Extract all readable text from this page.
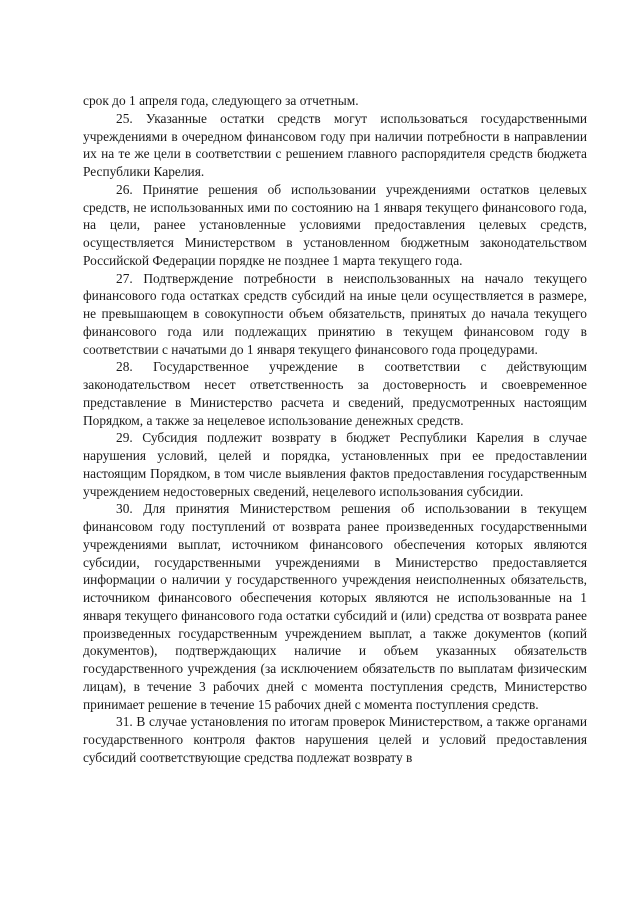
срок до 1 апреля года, следующего за отчетным.

25. Указанные остатки средств могут использоваться государственными учреждениями в очередном финансовом году при наличии потребности в направлении их на те же цели в соответствии с решением главного распорядителя средств бюджета Республики Карелия.

26. Принятие решения об использовании учреждениями остатков целевых средств, не использованных ими по состоянию на 1 января текущего финансового года, на цели, ранее установленные условиями предоставления целевых средств, осуществляется Министерством в установленном бюджетным законодательством Российской Федерации порядке не позднее 1 марта текущего года.

27. Подтверждение потребности в неиспользованных на начало текущего финансового года остатках средств субсидий на иные цели осуществляется в размере, не превышающем в совокупности объем обязательств, принятых до начала текущего финансового года или подлежащих принятию в текущем финансовом году в соответствии с начатыми до 1 января текущего финансового года процедурами.

28. Государственное учреждение в соответствии с действующим законодательством несет ответственность за достоверность и своевременное представление в Министерство расчета и сведений, предусмотренных настоящим Порядком, а также за нецелевое использование денежных средств.

29. Субсидия подлежит возврату в бюджет Республики Карелия в случае нарушения условий, целей и порядка, установленных при ее предоставлении настоящим Порядком, в том числе выявления фактов предоставления государственным учреждением недостоверных сведений, нецелевого использования субсидии.

30. Для принятия Министерством решения об использовании в текущем финансовом году поступлений от возврата ранее произведенных государственными учреждениями выплат, источником финансового обеспечения которых являются субсидии, государственными учреждениями в Министерство предоставляется информации о наличии у государственного учреждения неисполненных обязательств, источником финансового обеспечения которых являются не использованные на 1 января текущего финансового года остатки субсидий и (или) средства от возврата ранее произведенных государственным учреждением выплат, а также документов (копий документов), подтверждающих наличие и объем указанных обязательств государственного учреждения (за исключением обязательств по выплатам физическим лицам), в течение 3 рабочих дней с момента поступления средств, Министерство принимает решение в течение 15 рабочих дней с момента поступления средств.

31. В случае установления по итогам проверок Министерством, а также органами государственного контроля фактов нарушения целей и условий предоставления субсидий соответствующие средства подлежат возврату в
